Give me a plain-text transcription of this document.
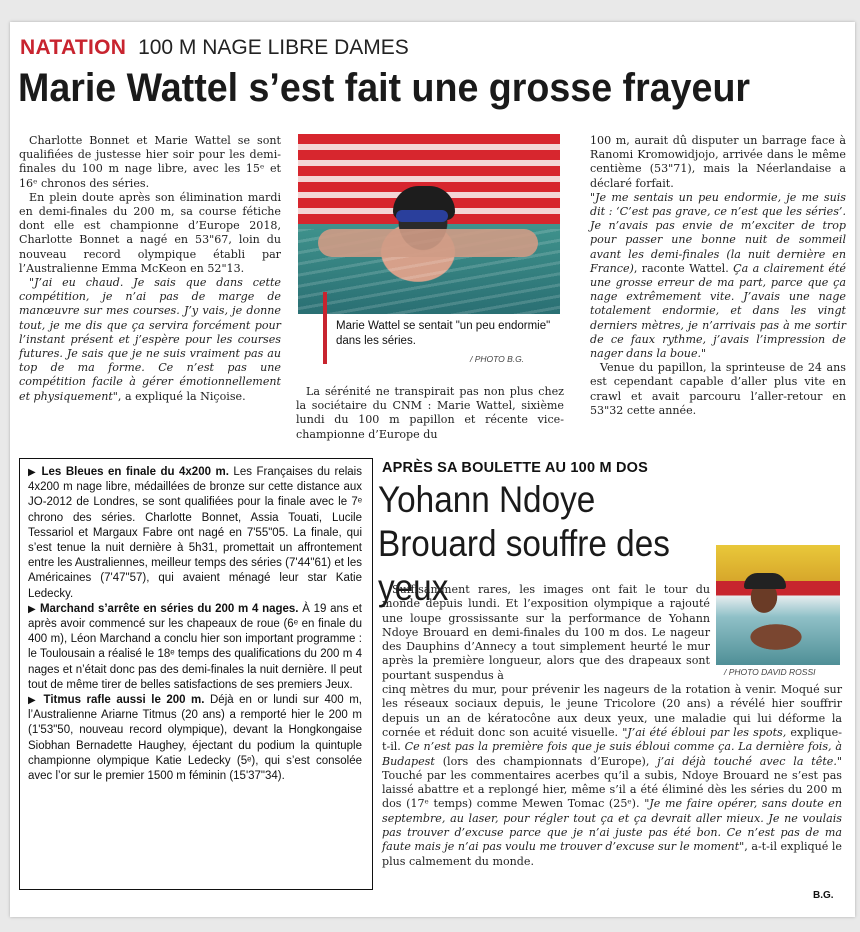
NATATION 100 M NAGE LIBRE DAMES
Marie Wattel s’est fait une grosse frayeur

Charlotte Bonnet et Marie Wattel se sont qualifiées de justesse hier soir pour les demi-finales du 100 m nage libre, avec les 15ᵉ et 16ᵉ chronos des séries.

En plein doute après son élimination mardi en demi-finales du 200 m, sa course fétiche dont elle est championne d’Europe 2018, Charlotte Bonnet a nagé en 53"67, loin du nouveau record olympique établi par l’Australienne Emma McKeon en 52"13.

"J’ai eu chaud. Je sais que dans cette compétition, je n’ai pas de marge de manœuvre sur mes courses. J’y vais, je donne tout, je me dis que ça servira forcément pour l’instant présent et j’espère pour les courses futures. Je sais que je ne suis vraiment pas au top de ma forme. Ce n’est pas une compétition facile à gérer émotionnellement et physiquement", a expliqué la Niçoise.

Marie Wattel se sentait "un peu endormie" dans les séries.
/ PHOTO B.G.

La sérénité ne transpirait pas non plus chez la sociétaire du CNM : Marie Wattel, sixième lundi du 100 m papillon et récente vice-championne d’Europe du

100 m, aurait dû disputer un barrage face à Ranomi Kromowidjojo, arrivée dans le même centième (53"71), mais la Néerlandaise a déclaré forfait.

"Je me sentais un peu endormie, je me suis dit : ‘C’est pas grave, ce n’est que les séries’. Je n’avais pas envie de m’exciter de trop pour passer une bonne nuit de sommeil avant les demi-finales (la nuit dernière en France), raconte Wattel. Ça a clairement été une grosse erreur de ma part, parce que ça nage extrêmement vite. J’avais une nage totalement endormie, et dans les vingt derniers mètres, je n’arrivais pas à me sortir de ce faux rythme, j’avais l’impression de nager dans la boue."

Venue du papillon, la sprinteuse de 24 ans est cependant capable d’aller plus vite en crawl et avait parcouru l’aller-retour en 53"32 cette année.

▶ Les Bleues en finale du 4x200 m. Les Françaises du relais 4x200 m nage libre, médaillées de bronze sur cette distance aux JO-2012 de Londres, se sont qualifiées pour la finale avec le 7ᵉ chrono des séries. Charlotte Bonnet, Assia Touati, Lucile Tessariol et Margaux Fabre ont nagé en 7'55"05. La finale, qui s’est tenue la nuit dernière à 5h31, promettait un affrontement entre les Australiennes, meilleur temps des séries (7'44"61) et les Américaines (7'47"57), qui avaient ménagé leur star Katie Ledecky.

▶ Marchand s’arrête en séries du 200 m 4 nages. À 19 ans et après avoir commencé sur les chapeaux de roue (6ᵉ en finale du 400 m), Léon Marchand a conclu hier son important programme : le Toulousain a réalisé le 18ᵉ temps des qualifications du 200 m 4 nages et n’était donc pas des demi-finales la nuit dernière. Il peut tout de même tirer de belles satisfactions de ses premiers Jeux.

▶ Titmus rafle aussi le 200 m. Déjà en or lundi sur 400 m, l’Australienne Ariarne Titmus (20 ans) a remporté hier le 200 m (1'53"50, nouveau record olympique), devant la Hongkongaise Siobhan Bernadette Haughey, éjectant du podium la quintuple championne olympique Katie Ledecky (5ᵉ), qui s’est consolée avec l’or sur le premier 1500 m féminin (15'37"34).

APRÈS SA BOULETTE AU 100 M DOS
Yohann Ndoye Brouard souffre des yeux
/ PHOTO DAVID ROSSI

Suffisamment rares, les images ont fait le tour du monde depuis lundi. Et l’exposition olympique a rajouté une loupe grossissante sur la performance de Yohann Ndoye Brouard en demi-finales du 100 m dos. Le nageur des Dauphins d’Annecy a tout simplement heurté le mur après la première longueur, alors que des drapeaux sont pourtant suspendus à
cinq mètres du mur, pour prévenir les nageurs de la rotation à venir. Moqué sur les réseaux sociaux depuis, le jeune Tricolore (20 ans) a révélé hier souffrir depuis un an de kératocône aux deux yeux, une maladie qui lui déforme la cornée et réduit donc son acuité visuelle. "J’ai été ébloui par les spots, explique-t-il. Ce n’est pas la première fois que je suis ébloui comme ça. La dernière fois, à Budapest (lors des championnats d’Europe), j’ai déjà touché avec la tête." Touché par les commentaires acerbes qu’il a subis, Ndoye Brouard ne s’est pas laissé abattre et a replongé hier, même s’il a été éliminé dès les séries du 200 m dos (17ᵉ temps) comme Mewen Tomac (25ᵉ). "Je me faire opérer, sans doute en septembre, au laser, pour régler tout ça et ça devrait aller mieux. Je ne voulais pas trouver d’excuse parce que je n’ai juste pas été bon. Ce n’est pas de ma faute mais je n’ai pas voulu me trouver d’excuse sur le moment", a-t-il expliqué le plus calmement du monde.

B.G.
